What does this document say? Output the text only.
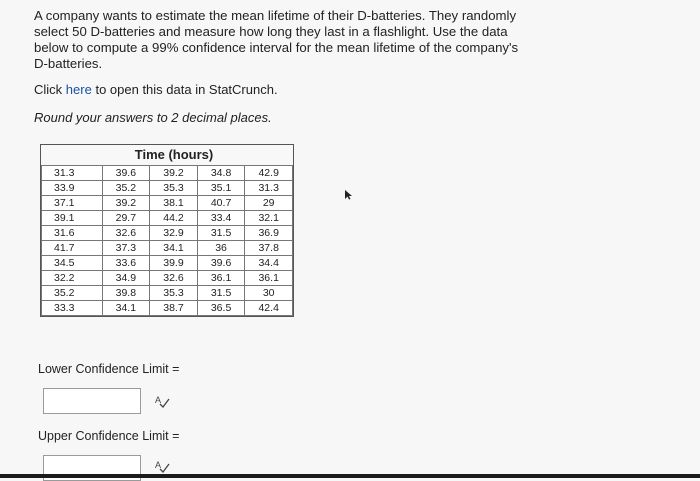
A company wants to estimate the mean lifetime of their D-batteries. They randomly
select 50 D-batteries and measure how long they last in a flashlight. Use the data
below to compute a 99% confidence interval for the mean lifetime of the company's
D-batteries.
Click here to open this data in StatCrunch.
Round your answers to 2 decimal places.
Time (hours)
31.3	39.6	39.2	34.8	42.9
33.9	35.2	35.3	35.1	31.3
37.1	39.2	38.1	40.7	29
39.1	29.7	44.2	33.4	32.1
31.6	32.6	32.9	31.5	36.9
41.7	37.3	34.1	36	37.8
34.5	33.6	39.9	39.6	34.4
32.2	34.9	32.6	36.1	36.1
35.2	39.8	35.3	31.5	30
33.3	34.1	38.7	36.5	42.4
Lower Confidence Limit =
A
Upper Confidence Limit =
A
